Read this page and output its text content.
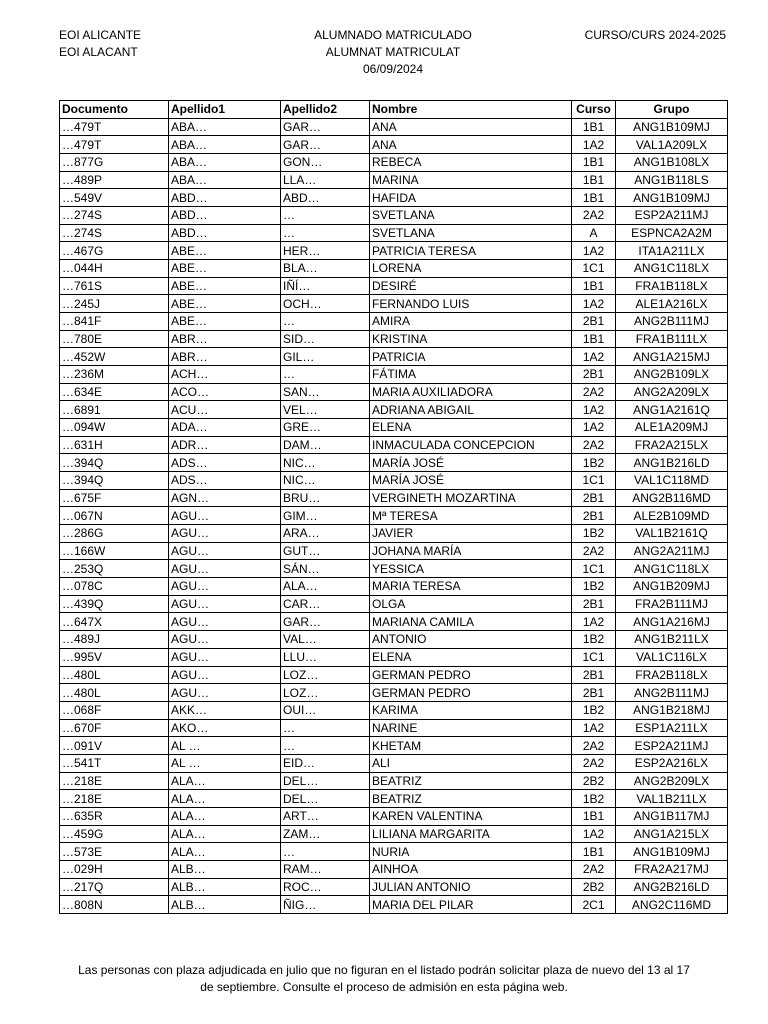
EOI ALICANTE
EOI ALACANT
ALUMNADO MATRICULADO
ALUMNAT MATRICULAT
06/09/2024
CURSO/CURS 2024-2025
Documento	Apellido1	Apellido2	Nombre	Curso	Grupo
…479T	ABA…	GAR…	ANA	1B1	ANG1B109MJ
…479T	ABA…	GAR…	ANA	1A2	VAL1A209LX
…877G	ABA…	GON…	REBECA	1B1	ANG1B108LX
…489P	ABA…	LLA…	MARINA	1B1	ANG1B118LS
…549V	ABD…	ABD…	HAFIDA	1B1	ANG1B109MJ
…274S	ABD…	…	SVETLANA	2A2	ESP2A211MJ
…274S	ABD…	…	SVETLANA	A	ESPNCA2A2M
…467G	ABE…	HER…	PATRICIA TERESA	1A2	ITA1A211LX
…044H	ABE…	BLA…	LORENA	1C1	ANG1C118LX
…761S	ABE…	IÑÍ…	DESIRÉ	1B1	FRA1B118LX
…245J	ABE…	OCH…	FERNANDO LUIS	1A2	ALE1A216LX
…841F	ABE…	…	AMIRA	2B1	ANG2B111MJ
…780E	ABR…	SID…	KRISTINA	1B1	FRA1B111LX
…452W	ABR…	GIL…	PATRICIA	1A2	ANG1A215MJ
…236M	ACH…	…	FÁTIMA	2B1	ANG2B109LX
…634E	ACO…	SAN…	MARIA AUXILIADORA	2A2	ANG2A209LX
…6891	ACU…	VEL…	ADRIANA ABIGAIL	1A2	ANG1A2161Q
…094W	ADA…	GRE…	ELENA	1A2	ALE1A209MJ
…631H	ADR…	DAM…	INMACULADA CONCEPCION	2A2	FRA2A215LX
…394Q	ADS…	NIC…	MARÍA JOSÉ	1B2	ANG1B216LD
…394Q	ADS…	NIC…	MARÍA JOSÉ	1C1	VAL1C118MD
…675F	AGN…	BRU…	VERGINETH MOZARTINA	2B1	ANG2B116MD
…067N	AGU…	GIM…	Mª TERESA	2B1	ALE2B109MD
…286G	AGU…	ARA…	JAVIER	1B2	VAL1B2161Q
…166W	AGU…	GUT…	JOHANA MARÍA	2A2	ANG2A211MJ
…253Q	AGU…	SÁN…	YESSICA	1C1	ANG1C118LX
…078C	AGU…	ALA…	MARIA TERESA	1B2	ANG1B209MJ
…439Q	AGU…	CAR…	OLGA	2B1	FRA2B111MJ
…647X	AGU…	GAR…	MARIANA CAMILA	1A2	ANG1A216MJ
…489J	AGU…	VAL…	ANTONIO	1B2	ANG1B211LX
…995V	AGU…	LLU…	ELENA	1C1	VAL1C116LX
…480L	AGU…	LOZ…	GERMAN PEDRO	2B1	FRA2B118LX
…480L	AGU…	LOZ…	GERMAN PEDRO	2B1	ANG2B111MJ
…068F	AKK…	OUI…	KARIMA	1B2	ANG1B218MJ
…670F	AKO…	…	NARINE	1A2	ESP1A211LX
…091V	AL …	…	KHETAM	2A2	ESP2A211MJ
…541T	AL …	EID…	ALI	2A2	ESP2A216LX
…218E	ALA…	DEL…	BEATRIZ	2B2	ANG2B209LX
…218E	ALA…	DEL…	BEATRIZ	1B2	VAL1B211LX
…635R	ALA…	ART…	KAREN VALENTINA	1B1	ANG1B117MJ
…459G	ALA…	ZAM…	LILIANA MARGARITA	1A2	ANG1A215LX
…573E	ALA…	…	NURIA	1B1	ANG1B109MJ
…029H	ALB…	RAM…	AINHOA	2A2	FRA2A217MJ
…217Q	ALB…	ROC…	JULIAN ANTONIO	2B2	ANG2B216LD
…808N	ALB…	ÑIG…	MARIA DEL PILAR	2C1	ANG2C116MD
Las personas con plaza adjudicada en julio que no figuran en el listado podrán solicitar plaza de nuevo del 13 al 17
de septiembre. Consulte el proceso de admisión en esta página web.
